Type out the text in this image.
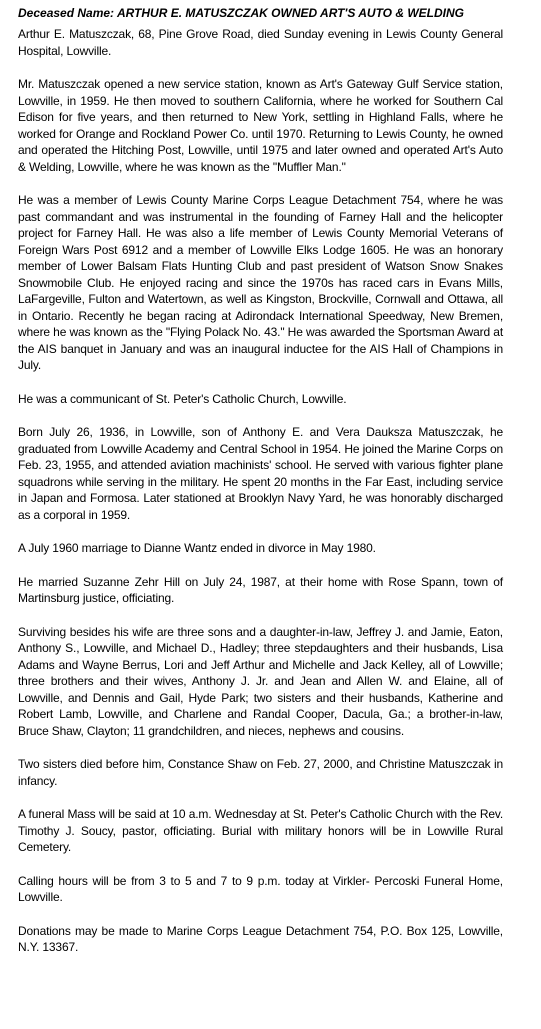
Deceased Name: ARTHUR E. MATUSZCZAK OWNED ART'S AUTO & WELDING

Arthur E. Matuszczak, 68, Pine Grove Road, died Sunday evening in Lewis County General Hospital, Lowville.

Mr. Matuszczak opened a new service station, known as Art's Gateway Gulf Service station, Lowville, in 1959. He then moved to southern California, where he worked for Southern Cal Edison for five years, and then returned to New York, settling in Highland Falls, where he worked for Orange and Rockland Power Co. until 1970. Returning to Lewis County, he owned and operated the Hitching Post, Lowville, until 1975 and later owned and operated Art's Auto & Welding, Lowville, where he was known as the "Muffler Man."

He was a member of Lewis County Marine Corps League Detachment 754, where he was past commandant and was instrumental in the founding of Farney Hall and the helicopter project for Farney Hall. He was also a life member of Lewis County Memorial Veterans of Foreign Wars Post 6912 and a member of Lowville Elks Lodge 1605. He was an honorary member of Lower Balsam Flats Hunting Club and past president of Watson Snow Snakes Snowmobile Club. He enjoyed racing and since the 1970s has raced cars in Evans Mills, LaFargeville, Fulton and Watertown, as well as Kingston, Brockville, Cornwall and Ottawa, all in Ontario. Recently he began racing at Adirondack International Speedway, New Bremen, where he was known as the "Flying Polack No. 43." He was awarded the Sportsman Award at the AIS banquet in January and was an inaugural inductee for the AIS Hall of Champions in July.

He was a communicant of St. Peter's Catholic Church, Lowville.

Born July 26, 1936, in Lowville, son of Anthony E. and Vera Dauksza Matuszczak, he graduated from Lowville Academy and Central School in 1954. He joined the Marine Corps on Feb. 23, 1955, and attended aviation machinists' school. He served with various fighter plane squadrons while serving in the military. He spent 20 months in the Far East, including service in Japan and Formosa. Later stationed at Brooklyn Navy Yard, he was honorably discharged as a corporal in 1959.

A July 1960 marriage to Dianne Wantz ended in divorce in May 1980.

He married Suzanne Zehr Hill on July 24, 1987, at their home with Rose Spann, town of Martinsburg justice, officiating.

Surviving besides his wife are three sons and a daughter-in-law, Jeffrey J. and Jamie, Eaton, Anthony S., Lowville, and Michael D., Hadley; three stepdaughters and their husbands, Lisa Adams and Wayne Berrus, Lori and Jeff Arthur and Michelle and Jack Kelley, all of Lowville; three brothers and their wives, Anthony J. Jr. and Jean and Allen W. and Elaine, all of Lowville, and Dennis and Gail, Hyde Park; two sisters and their husbands, Katherine and Robert Lamb, Lowville, and Charlene and Randal Cooper, Dacula, Ga.; a brother-in-law, Bruce Shaw, Clayton; 11 grandchildren, and nieces, nephews and cousins.

Two sisters died before him, Constance Shaw on Feb. 27, 2000, and Christine Matuszczak in infancy.

A funeral Mass will be said at 10 a.m. Wednesday at St. Peter's Catholic Church with the Rev. Timothy J. Soucy, pastor, officiating. Burial with military honors will be in Lowville Rural Cemetery.

Calling hours will be from 3 to 5 and 7 to 9 p.m. today at Virkler- Percoski Funeral Home, Lowville.

Donations may be made to Marine Corps League Detachment 754, P.O. Box 125, Lowville, N.Y. 13367.
